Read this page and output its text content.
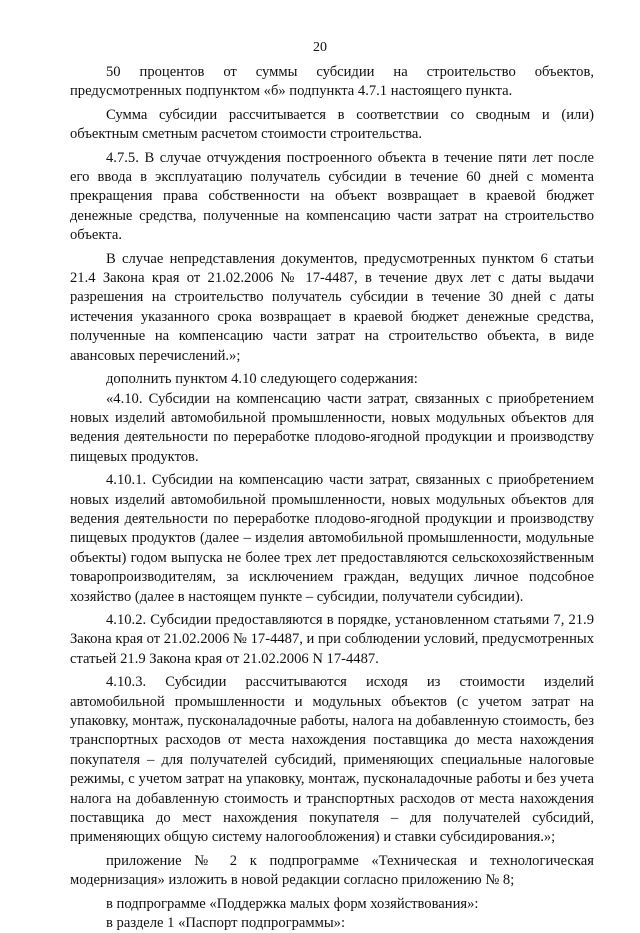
20

50 процентов от суммы субсидии на строительство объектов, предусмотренных подпунктом «б» подпункта 4.7.1 настоящего пункта.

Сумма субсидии рассчитывается в соответствии со сводным и (или) объектным сметным расчетом стоимости строительства.

4.7.5. В случае отчуждения построенного объекта в течение пяти лет после его ввода в эксплуатацию получатель субсидии в течение 60 дней с момента прекращения права собственности на объект возвращает в краевой бюджет денежные средства, полученные на компенсацию части затрат на строительство объекта.

В случае непредставления документов, предусмотренных пунктом 6 статьи 21.4 Закона края от 21.02.2006 № 17-4487, в течение двух лет с даты выдачи разрешения на строительство получатель субсидии в течение 30 дней с даты истечения указанного срока возвращает в краевой бюджет денежные средства, полученные на компенсацию части затрат на строительство объекта, в виде авансовых перечислений.»;

дополнить пунктом 4.10 следующего содержания:

«4.10. Субсидии на компенсацию части затрат, связанных с приобретением новых изделий автомобильной промышленности, новых модульных объектов для ведения деятельности по переработке плодово-ягодной продукции и производству пищевых продуктов.

4.10.1. Субсидии на компенсацию части затрат, связанных с приобретением новых изделий автомобильной промышленности, новых модульных объектов для ведения деятельности по переработке плодово-ягодной продукции и производству пищевых продуктов (далее – изделия автомобильной промышленности, модульные объекты) годом выпуска не более трех лет предоставляются сельскохозяйственным товаропроизводителям, за исключением граждан, ведущих личное подсобное хозяйство (далее в настоящем пункте – субсидии, получатели субсидии).

4.10.2. Субсидии предоставляются в порядке, установленном статьями 7, 21.9 Закона края от 21.02.2006 № 17-4487, и при соблюдении условий, предусмотренных статьей 21.9 Закона края от 21.02.2006 N 17-4487.

4.10.3. Субсидии рассчитываются исходя из стоимости изделий автомобильной промышленности и модульных объектов (с учетом затрат на упаковку, монтаж, пусконаладочные работы, налога на добавленную стоимость, без транспортных расходов от места нахождения поставщика до места нахождения покупателя – для получателей субсидий, применяющих специальные налоговые режимы, с учетом затрат на упаковку, монтаж, пусконаладочные работы и без учета налога на добавленную стоимость и транспортных расходов от места нахождения поставщика до мест нахождения покупателя – для получателей субсидий, применяющих общую систему налогообложения) и ставки субсидирования.»;

приложение № 2 к подпрограмме «Техническая и технологическая модернизация» изложить в новой редакции согласно приложению № 8;

в подпрограмме «Поддержка малых форм хозяйствования»:

в разделе 1 «Паспорт подпрограммы»:
